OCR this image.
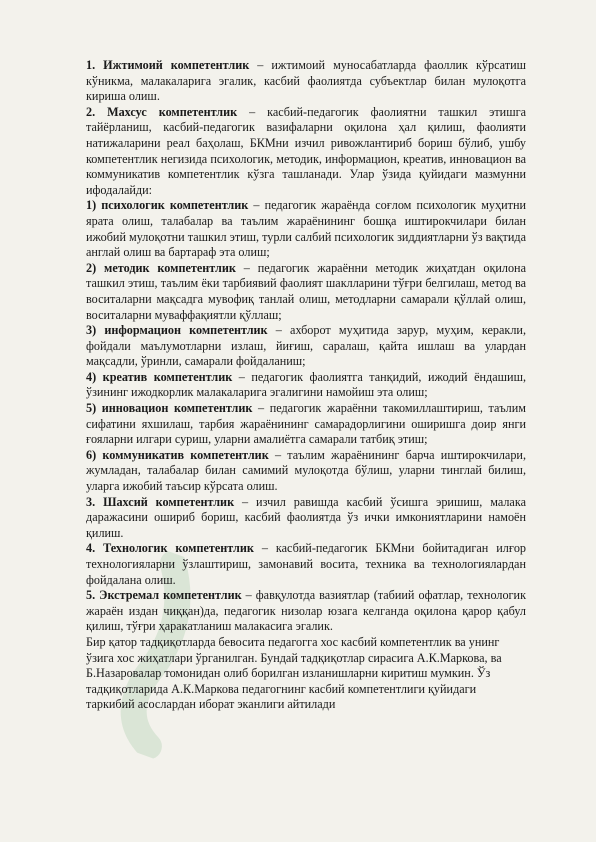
1. Ижтимоий компетентлик – ижтимоий муносабатларда фаоллик кўрсатиш кўникма, малакаларига эгалик, касбий фаолиятда субъектлар билан мулоқотга кириша олиш.

2. Махсус компетентлик – касбий-педагогик фаолиятни ташкил этишга тайёрланиш, касбий-педагогик вазифаларни оқилона ҳал қилиш, фаолияти натижаларини реал баҳолаш, БКМни изчил ривожлантириб бориш бўлиб, ушбу компетентлик негизида психологик, методик, информацион, креатив, инновацион ва коммуникатив компетентлик кўзга ташланади. Улар ўзида қуйидаги мазмунни ифодалайди:

1) психологик компетентлик – педагогик жараёнда соғлом психологик муҳитни ярата олиш, талабалар ва таълим жараёнининг бошқа иштирокчилари билан ижобий мулоқотни ташкил этиш, турли салбий психологик зиддиятларни ўз вақтида англай олиш ва бартараф эта олиш;

2) методик компетентлик – педагогик жараённи методик жиҳатдан оқилона ташкил этиш, таълим ёки тарбиявий фаолият шаклларини тўғри белгилаш, метод ва воситаларни мақсадга мувофиқ танлай олиш, методларни самарали қўллай олиш, воситаларни муваффақиятли қўллаш;

3) информацион компетентлик – ахборот муҳитида зарур, муҳим, керакли, фойдали маълумотларни излаш, йиғиш, саралаш, қайта ишлаш ва улардан мақсадли, ўринли, самарали фойдаланиш;

4) креатив компетентлик – педагогик фаолиятга танқидий, ижодий ёндашиш, ўзининг ижодкорлик малакаларига эгалигини намойиш эта олиш;

5) инновацион компетентлик – педагогик жараённи такомиллаштириш, таълим сифатини яхшилаш, тарбия жараёнининг самарадорлигини оширишга доир янги ғояларни илгари суриш, уларни амалиётга самарали татбиқ этиш;

6) коммуникатив компетентлик – таълим жараёнининг барча иштирокчилари, жумладан, талабалар билан самимий мулоқотда бўлиш, уларни тинглай билиш, уларга ижобий таъсир кўрсата олиш.

3. Шахсий компетентлик – изчил равишда касбий ўсишга эришиш, малака даражасини ошириб бориш, касбий фаолиятда ўз ички имкониятларини намоён қилиш.

4. Технологик компетентлик – касбий-педагогик БКМни бойитадиган илғор технологияларни ўзлаштириш, замонавий восита, техника ва технологиялардан фойдалана олиш.

5. Экстремал компетентлик – фавқулотда вазиятлар (табиий офатлар, технологик жараён издан чиққан)да, педагогик низолар юзага келганда оқилона қарор қабул қилиш, тўғри ҳаракатланиш малакасига эгалик.

Бир қатор тадқиқотларда бевосита педагогга хос касбий компетентлик ва унинг ўзига хос жиҳатлари ўрганилган. Бундай тадқиқотлар сирасига А.К.Маркова, ва Б.Назаровалар томонидан олиб борилган изланишларни киритиш мумкин. Ўз тадқиқотларида А.К.Маркова педагогнинг касбий компетентлиги қуйидаги таркибий асослардан иборат эканлиги айтилади
